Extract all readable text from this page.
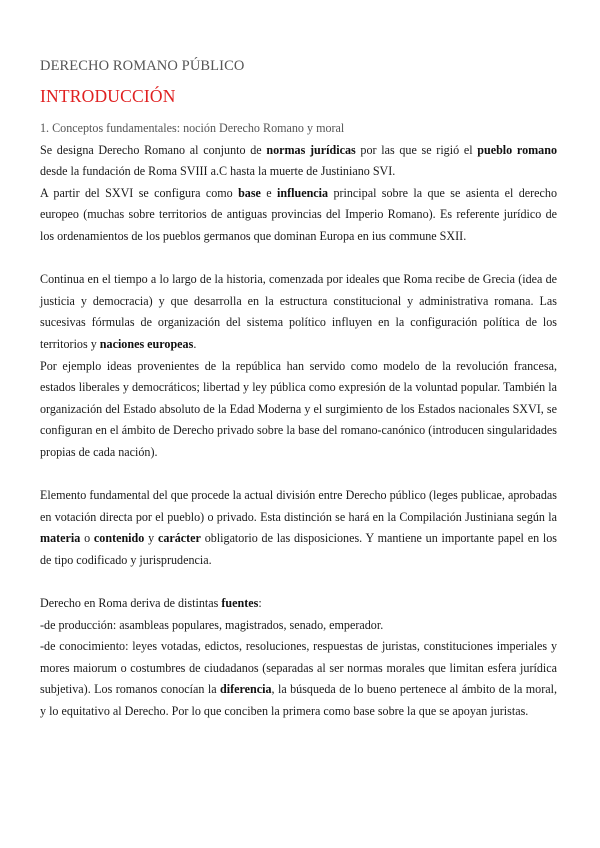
DERECHO ROMANO PÚBLICO
INTRODUCCIÓN

1. Conceptos fundamentales: noción Derecho Romano y moral

Se designa Derecho Romano al conjunto de normas jurídicas por las que se rigió el pueblo romano desde la fundación de Roma SVIII a.C hasta la muerte de Justiniano SVI.

A partir del SXVI se configura como base e influencia principal sobre la que se asienta el derecho europeo (muchas sobre territorios de antiguas provincias del Imperio Romano). Es referente jurídico de los ordenamientos de los pueblos germanos que dominan Europa en ius commune SXII.

Continua en el tiempo a lo largo de la historia, comenzada por ideales que Roma recibe de Grecia (idea de justicia y democracia) y que desarrolla en la estructura constitucional y administrativa romana. Las sucesivas fórmulas de organización del sistema político influyen en la configuración política de los territorios y naciones europeas.

Por ejemplo ideas provenientes de la república han servido como modelo de la revolución francesa, estados liberales y democráticos; libertad y ley pública como expresión de la voluntad popular. También la organización del Estado absoluto de la Edad Moderna y el surgimiento de los Estados nacionales SXVI, se configuran en el ámbito de Derecho privado sobre la base del romano-canónico (introducen singularidades propias de cada nación).

Elemento fundamental del que procede la actual división entre Derecho público (leges publicae, aprobadas en votación directa por el pueblo) o privado. Esta distinción se hará en la Compilación Justiniana según la materia o contenido y carácter obligatorio de las disposiciones. Y mantiene un importante papel en los de tipo codificado y jurisprudencia.

Derecho en Roma deriva de distintas fuentes:

-de producción: asambleas populares, magistrados, senado, emperador.

-de conocimiento: leyes votadas, edictos, resoluciones, respuestas de juristas, constituciones imperiales y mores maiorum o costumbres de ciudadanos (separadas al ser normas morales que limitan esfera jurídica subjetiva). Los romanos conocían la diferencia, la búsqueda de lo bueno pertenece al ámbito de la moral, y lo equitativo al Derecho. Por lo que conciben la primera como base sobre la que se apoyan juristas.
